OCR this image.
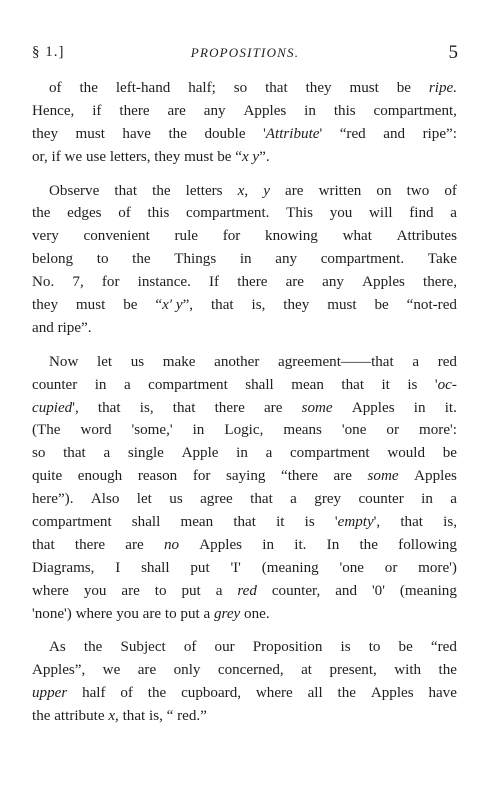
§ 1.]	PROPOSITIONS.	5
of the left-hand half; so that they must be ripe.
Hence, if there are any Apples in this compartment,
they must have the double 'Attribute' “red and ripe”:
or,
if
we
use
letters,
they
must
be
“x y”.
Observe that the letters x, y are written on two of
the edges of this compartment. This you will find a
very convenient rule for knowing what Attributes
belong to the Things in any compartment. Take
No. 7, for instance. If there are any Apples there,
they must be “x′ y”, that is, they must be “not-red
and
ripe”.
Now let us make another agreement——that a red
counter in a compartment shall mean that it is 'oc-
cupied', that is, that there are some Apples in it.
(The word 'some,' in Logic, means 'one or more':
so that a single Apple in a compartment would be
quite enough reason for saying “there are some Apples
here”). Also let us agree that a grey counter in a
compartment shall mean that it is 'empty', that is,
that there are no Apples in it. In the following
Diagrams, I shall put 'I' (meaning 'one or more')
where you are to put a red counter, and '0' (meaning
'none')
where
you
are
to
put
a
grey
one.
As the Subject of our Proposition is to be “red
Apples”, we are only concerned, at present, with the
upper half of the cupboard, where all the Apples have
the
attribute
x,
that
is,
“
red.”
